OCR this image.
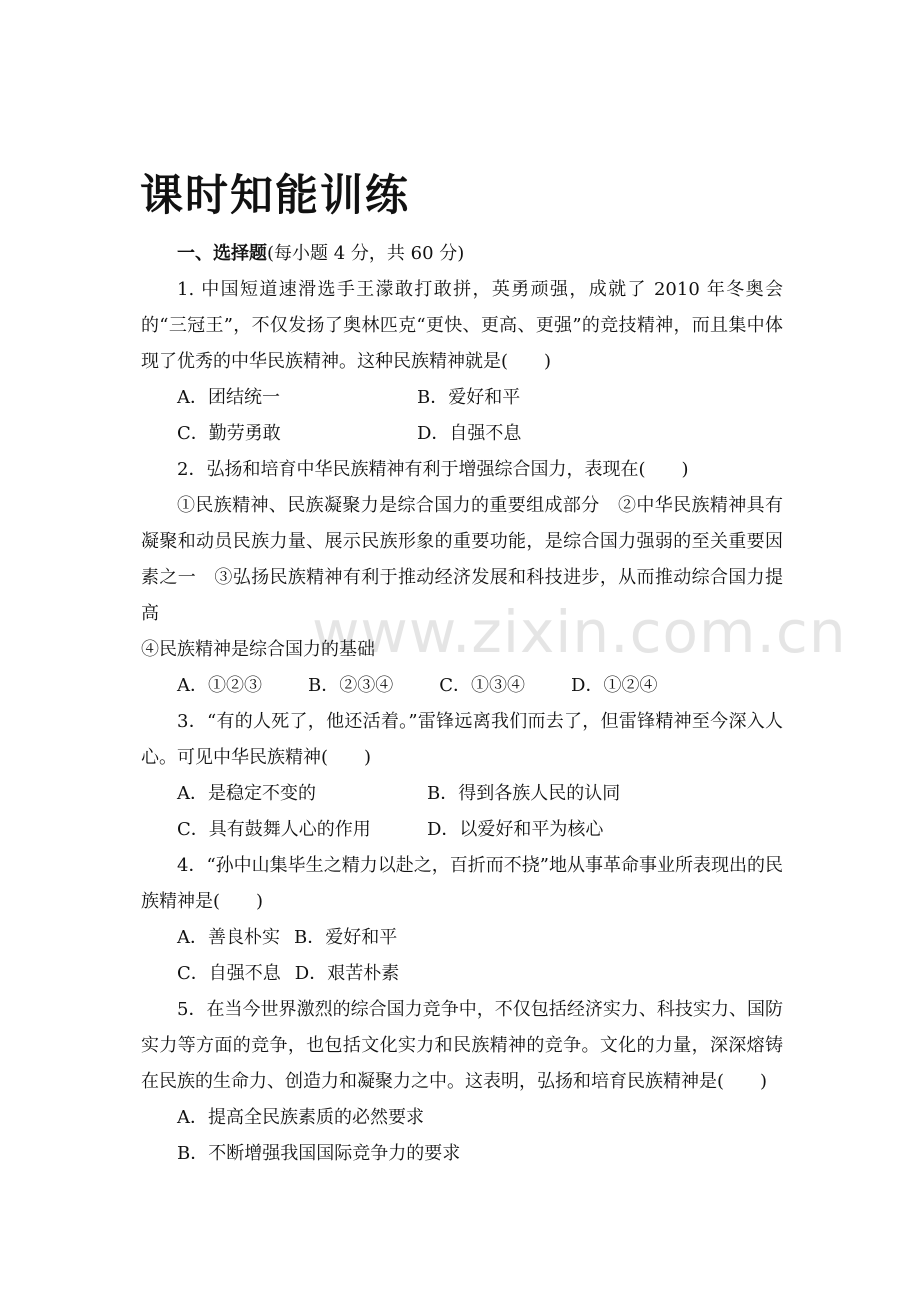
课时知能训练
www.zixin.com.cn

一、选择题(每小题 4 分，共 60 分)

1. 中国短道速滑选手王濛敢打敢拼，英勇顽强，成就了 2010 年冬奥会的“三冠王”，不仅发扬了奥林匹克“更快、更高、更强”的竞技精神，而且集中体现了优秀的中华民族精神。这种民族精神就是(　　)

A．团结统一	B．爱好和平

C．勤劳勇敢	D．自强不息

2．弘扬和培育中华民族精神有利于增强综合国力，表现在(　　)

①民族精神、民族凝聚力是综合国力的重要组成部分　②中华民族精神具有凝聚和动员民族力量、展示民族形象的重要功能，是综合国力强弱的至关重要因素之一　③弘扬民族精神有利于推动经济发展和科技进步，从而推动综合国力提高

④民族精神是综合国力的基础

A．①②③	B．②③④	C．①③④	D．①②④

3．“有的人死了，他还活着。”雷锋远离我们而去了，但雷锋精神至今深入人心。可见中华民族精神(　　)

A．是稳定不变的	B．得到各族人民的认同

C．具有鼓舞人心的作用	D．以爱好和平为核心

4．“孙中山集毕生之精力以赴之，百折而不挠”地从事革命事业所表现出的民族精神是(　　)

A．善良朴实 B．爱好和平

C．自强不息 D．艰苦朴素

5．在当今世界激烈的综合国力竞争中，不仅包括经济实力、科技实力、国防实力等方面的竞争，也包括文化实力和民族精神的竞争。文化的力量，深深熔铸在民族的生命力、创造力和凝聚力之中。这表明，弘扬和培育民族精神是(　　)

A．提高全民族素质的必然要求

B．不断增强我国国际竞争力的要求
